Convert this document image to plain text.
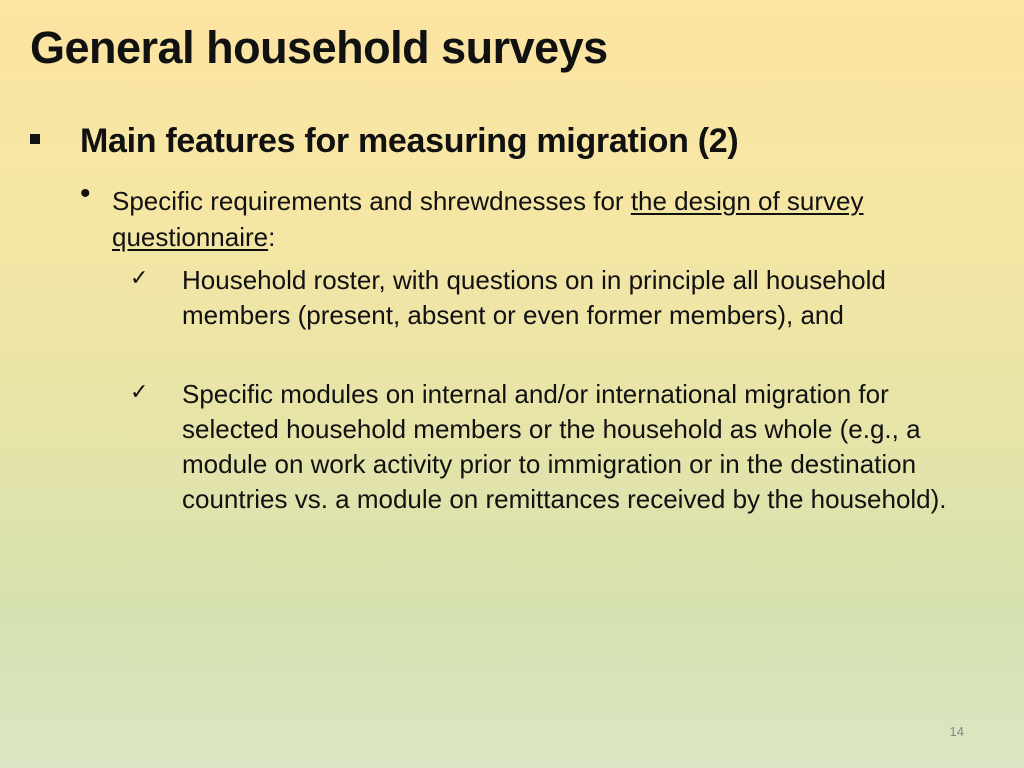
General household surveys
Main features for measuring migration (2)
• Specific requirements and shrewdnesses for the design of survey questionnaire:
✓ Household roster, with questions on in principle all household members (present, absent or even former members), and
✓ Specific modules on internal and/or international migration for selected household members or the household as whole (e.g., a module on work activity prior to immigration or in the destination countries vs. a module on remittances received by the household).
14
